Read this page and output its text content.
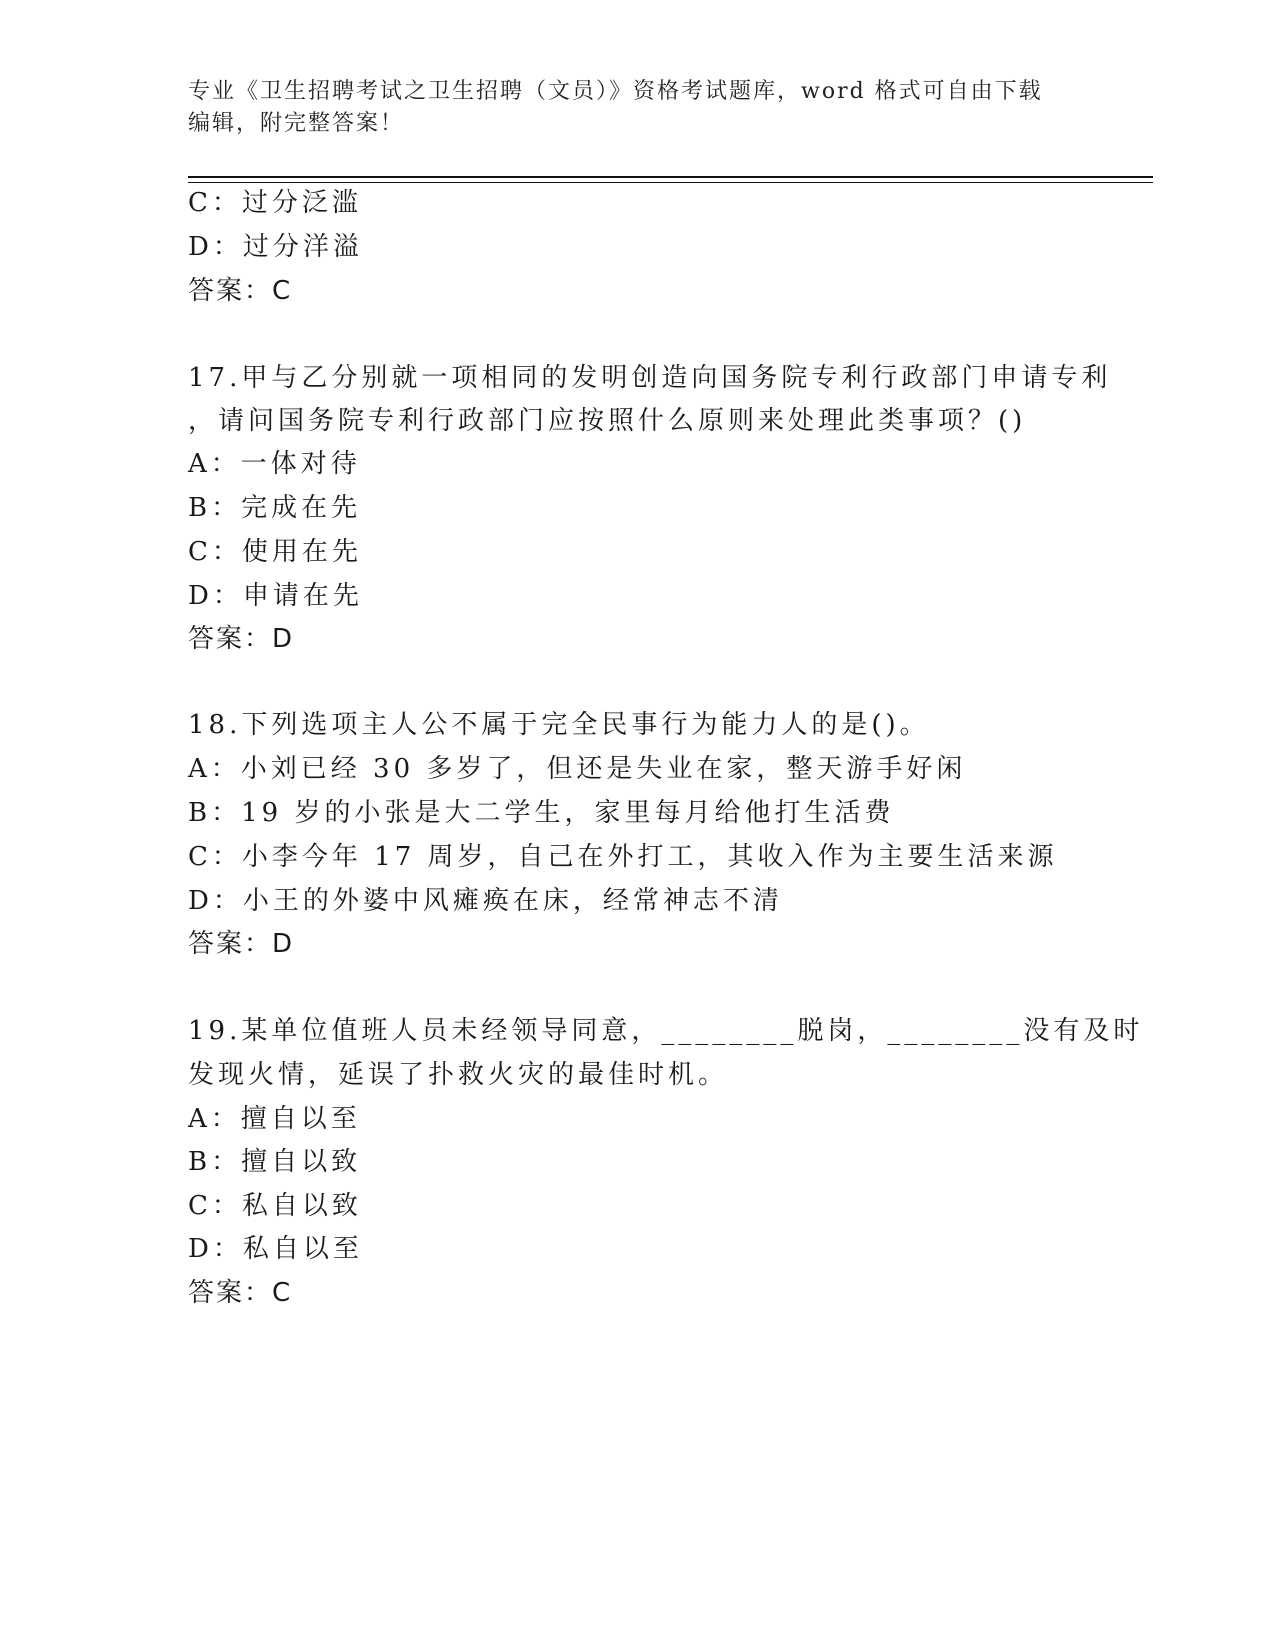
专业《卫生招聘考试之卫生招聘（文员）》资格考试题库，word 格式可自由下载
编辑，附完整答案！
C：过分泛滥
D：过分洋溢
答案：C
17.甲与乙分别就一项相同的发明创造向国务院专利行政部门申请专利
，请问国务院专利行政部门应按照什么原则来处理此类事项？()
A：一体对待
B：完成在先
C：使用在先
D：申请在先
答案：D
18.下列选项主人公不属于完全民事行为能力人的是()。
A：小刘已经 30 多岁了，但还是失业在家，整天游手好闲
B：19 岁的小张是大二学生，家里每月给他打生活费
C：小李今年 17 周岁，自己在外打工，其收入作为主要生活来源
D：小王的外婆中风瘫痪在床，经常神志不清
答案：D
19.某单位值班人员未经领导同意，________脱岗，________没有及时
发现火情，延误了扑救火灾的最佳时机。
A：擅自以至
B：擅自以致
C：私自以致
D：私自以至
答案：C
